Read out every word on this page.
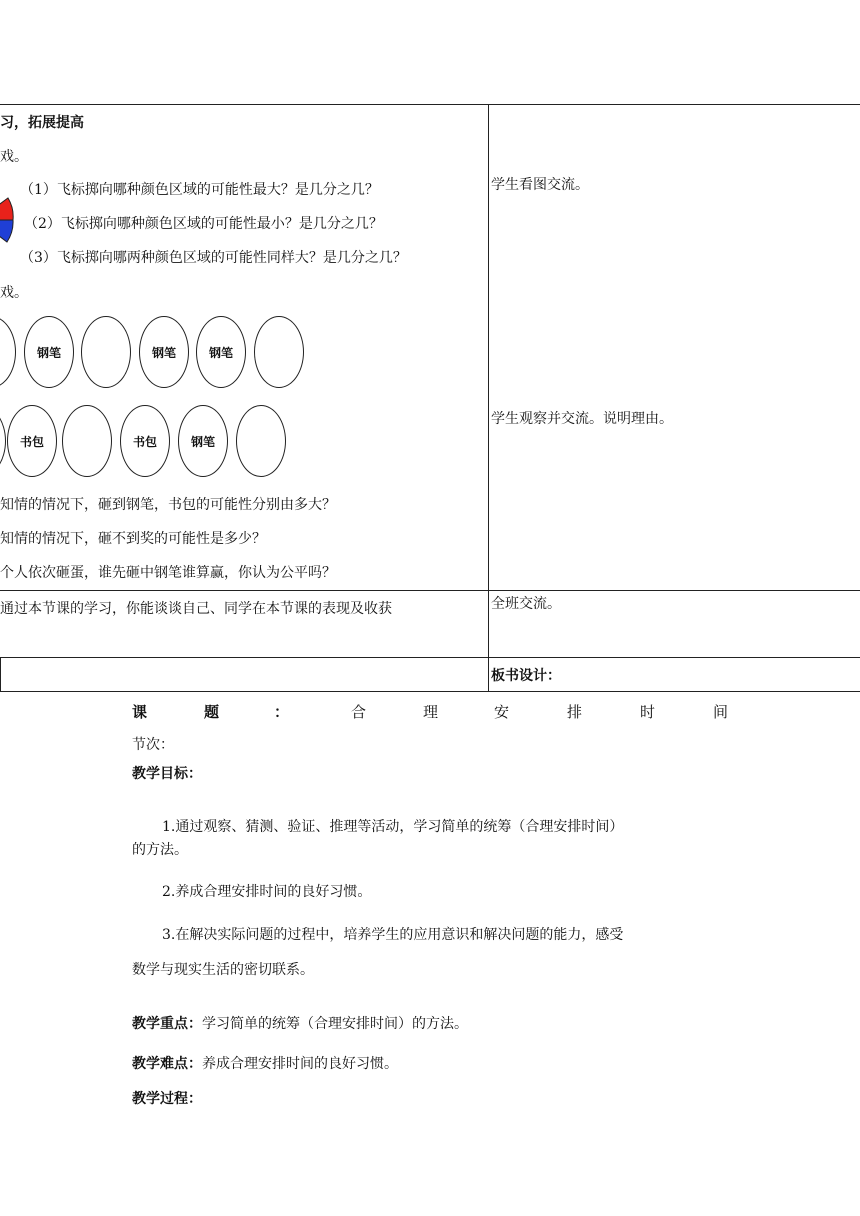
习，拓展提高
戏。
（1）飞标掷向哪种颜色区域的可能性最大？是几分之几？
（2）飞标掷向哪种颜色区域的可能性最小？是几分之几？
（3）飞标掷向哪两种颜色区域的可能性同样大？是几分之几？
戏。
钢笔	钢笔	钢笔
书包	书包	钢笔
知情的情况下，砸到钢笔，书包的可能性分别由多大？
知情的情况下，砸不到奖的可能性是多少？
个人依次砸蛋，谁先砸中钢笔谁算赢，你认为公平吗？
学生看图交流。
学生观察并交流。说明理由。
通过本节课的学习，你能谈谈自己、同学在本节课的表现及收获	全班交流。
板书设计：
课	题	：	合	理	安	排	时	间
节次：
教学目标：
1.通过观察、猜测、验证、推理等活动，学习简单的统筹（合理安排时间）
的方法。
2.养成合理安排时间的良好习惯。
3.在解决实际问题的过程中，培养学生的应用意识和解决问题的能力，感受
数学与现实生活的密切联系。
教学重点：学习简单的统筹（合理安排时间）的方法。
教学难点：养成合理安排时间的良好习惯。
教学过程：
